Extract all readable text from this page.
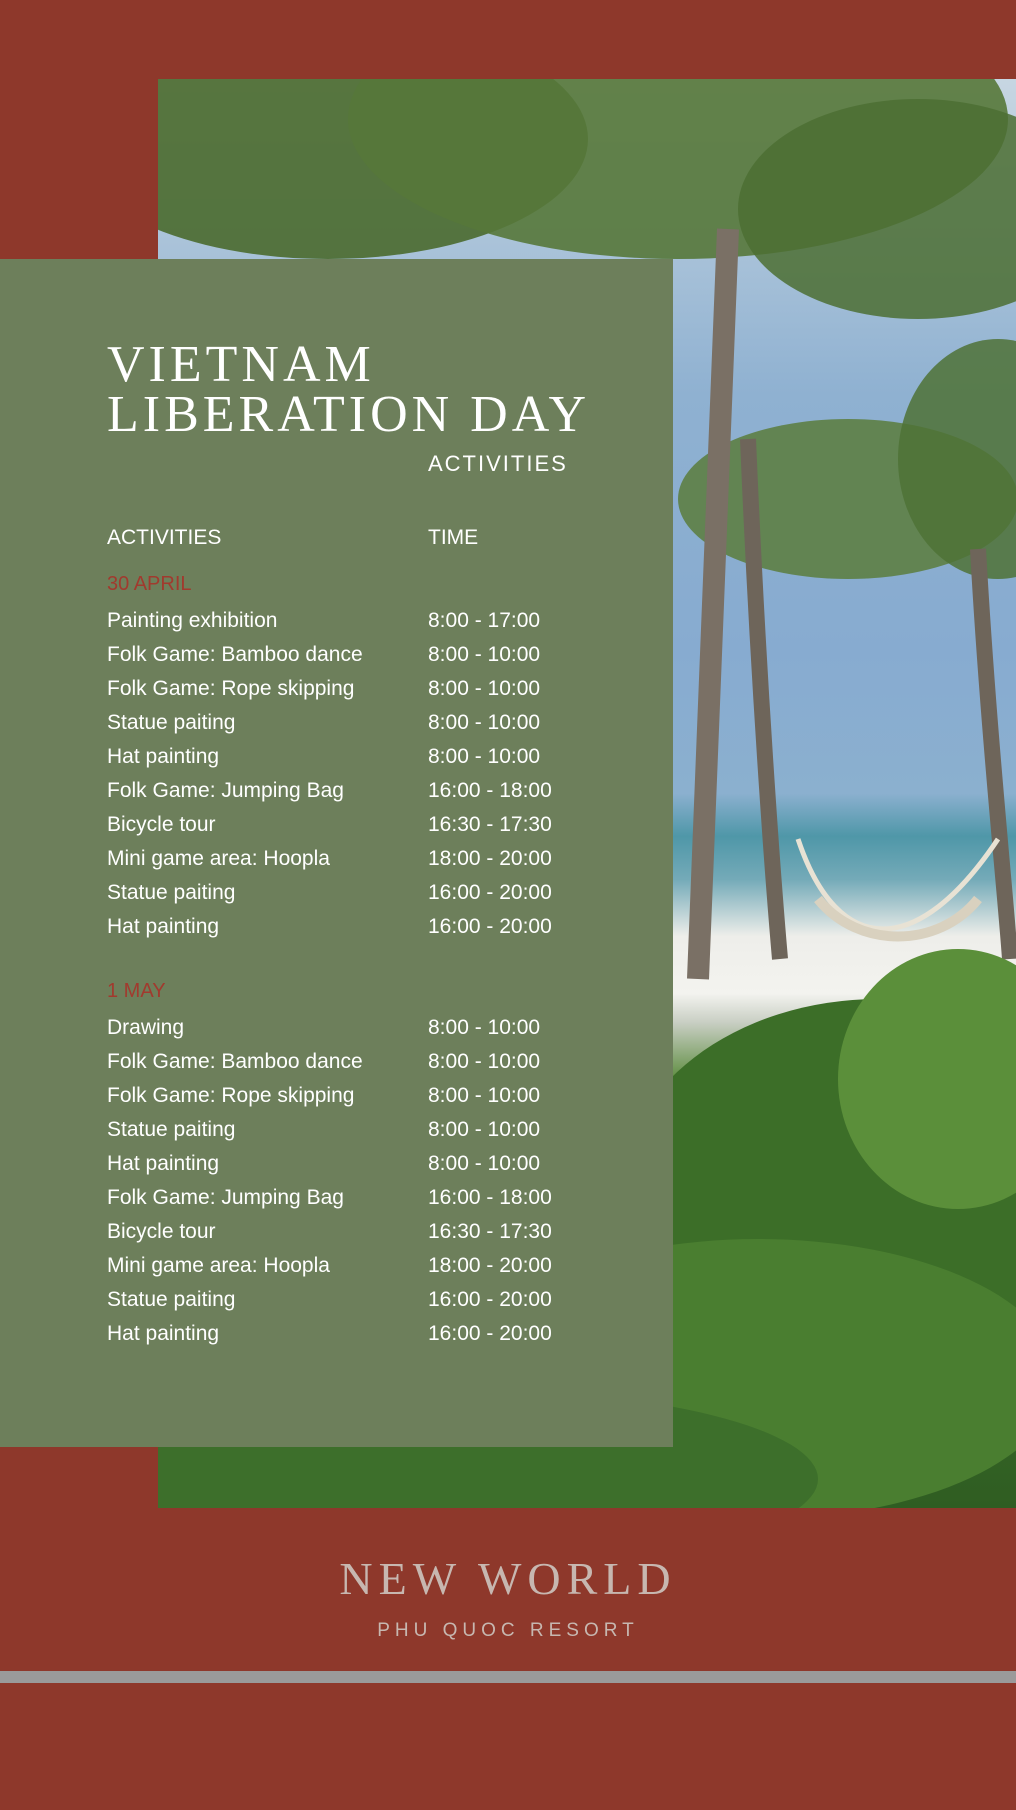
VIETNAM
LIBERATION DAY
ACTIVITIES
ACTIVITIES	TIME
30 APRIL
Painting exhibition	8:00 - 17:00
Folk Game: Bamboo dance	8:00 - 10:00
Folk Game: Rope skipping	8:00 - 10:00
Statue paiting	8:00 - 10:00
Hat painting	8:00 - 10:00
Folk Game: Jumping Bag	16:00 - 18:00
Bicycle tour	16:30 - 17:30
Mini game area: Hoopla	18:00 - 20:00
Statue paiting	16:00 - 20:00
Hat painting	16:00 - 20:00
1 MAY
Drawing	8:00 - 10:00
Folk Game: Bamboo dance	8:00 - 10:00
Folk Game: Rope skipping	8:00 - 10:00
Statue paiting	8:00 - 10:00
Hat painting	8:00 - 10:00
Folk Game: Jumping Bag	16:00 - 18:00
Bicycle tour	16:30 - 17:30
Mini game area: Hoopla	18:00 - 20:00
Statue paiting	16:00 - 20:00
Hat painting	16:00 - 20:00
NEW WORLD
PHU QUOC RESORT
